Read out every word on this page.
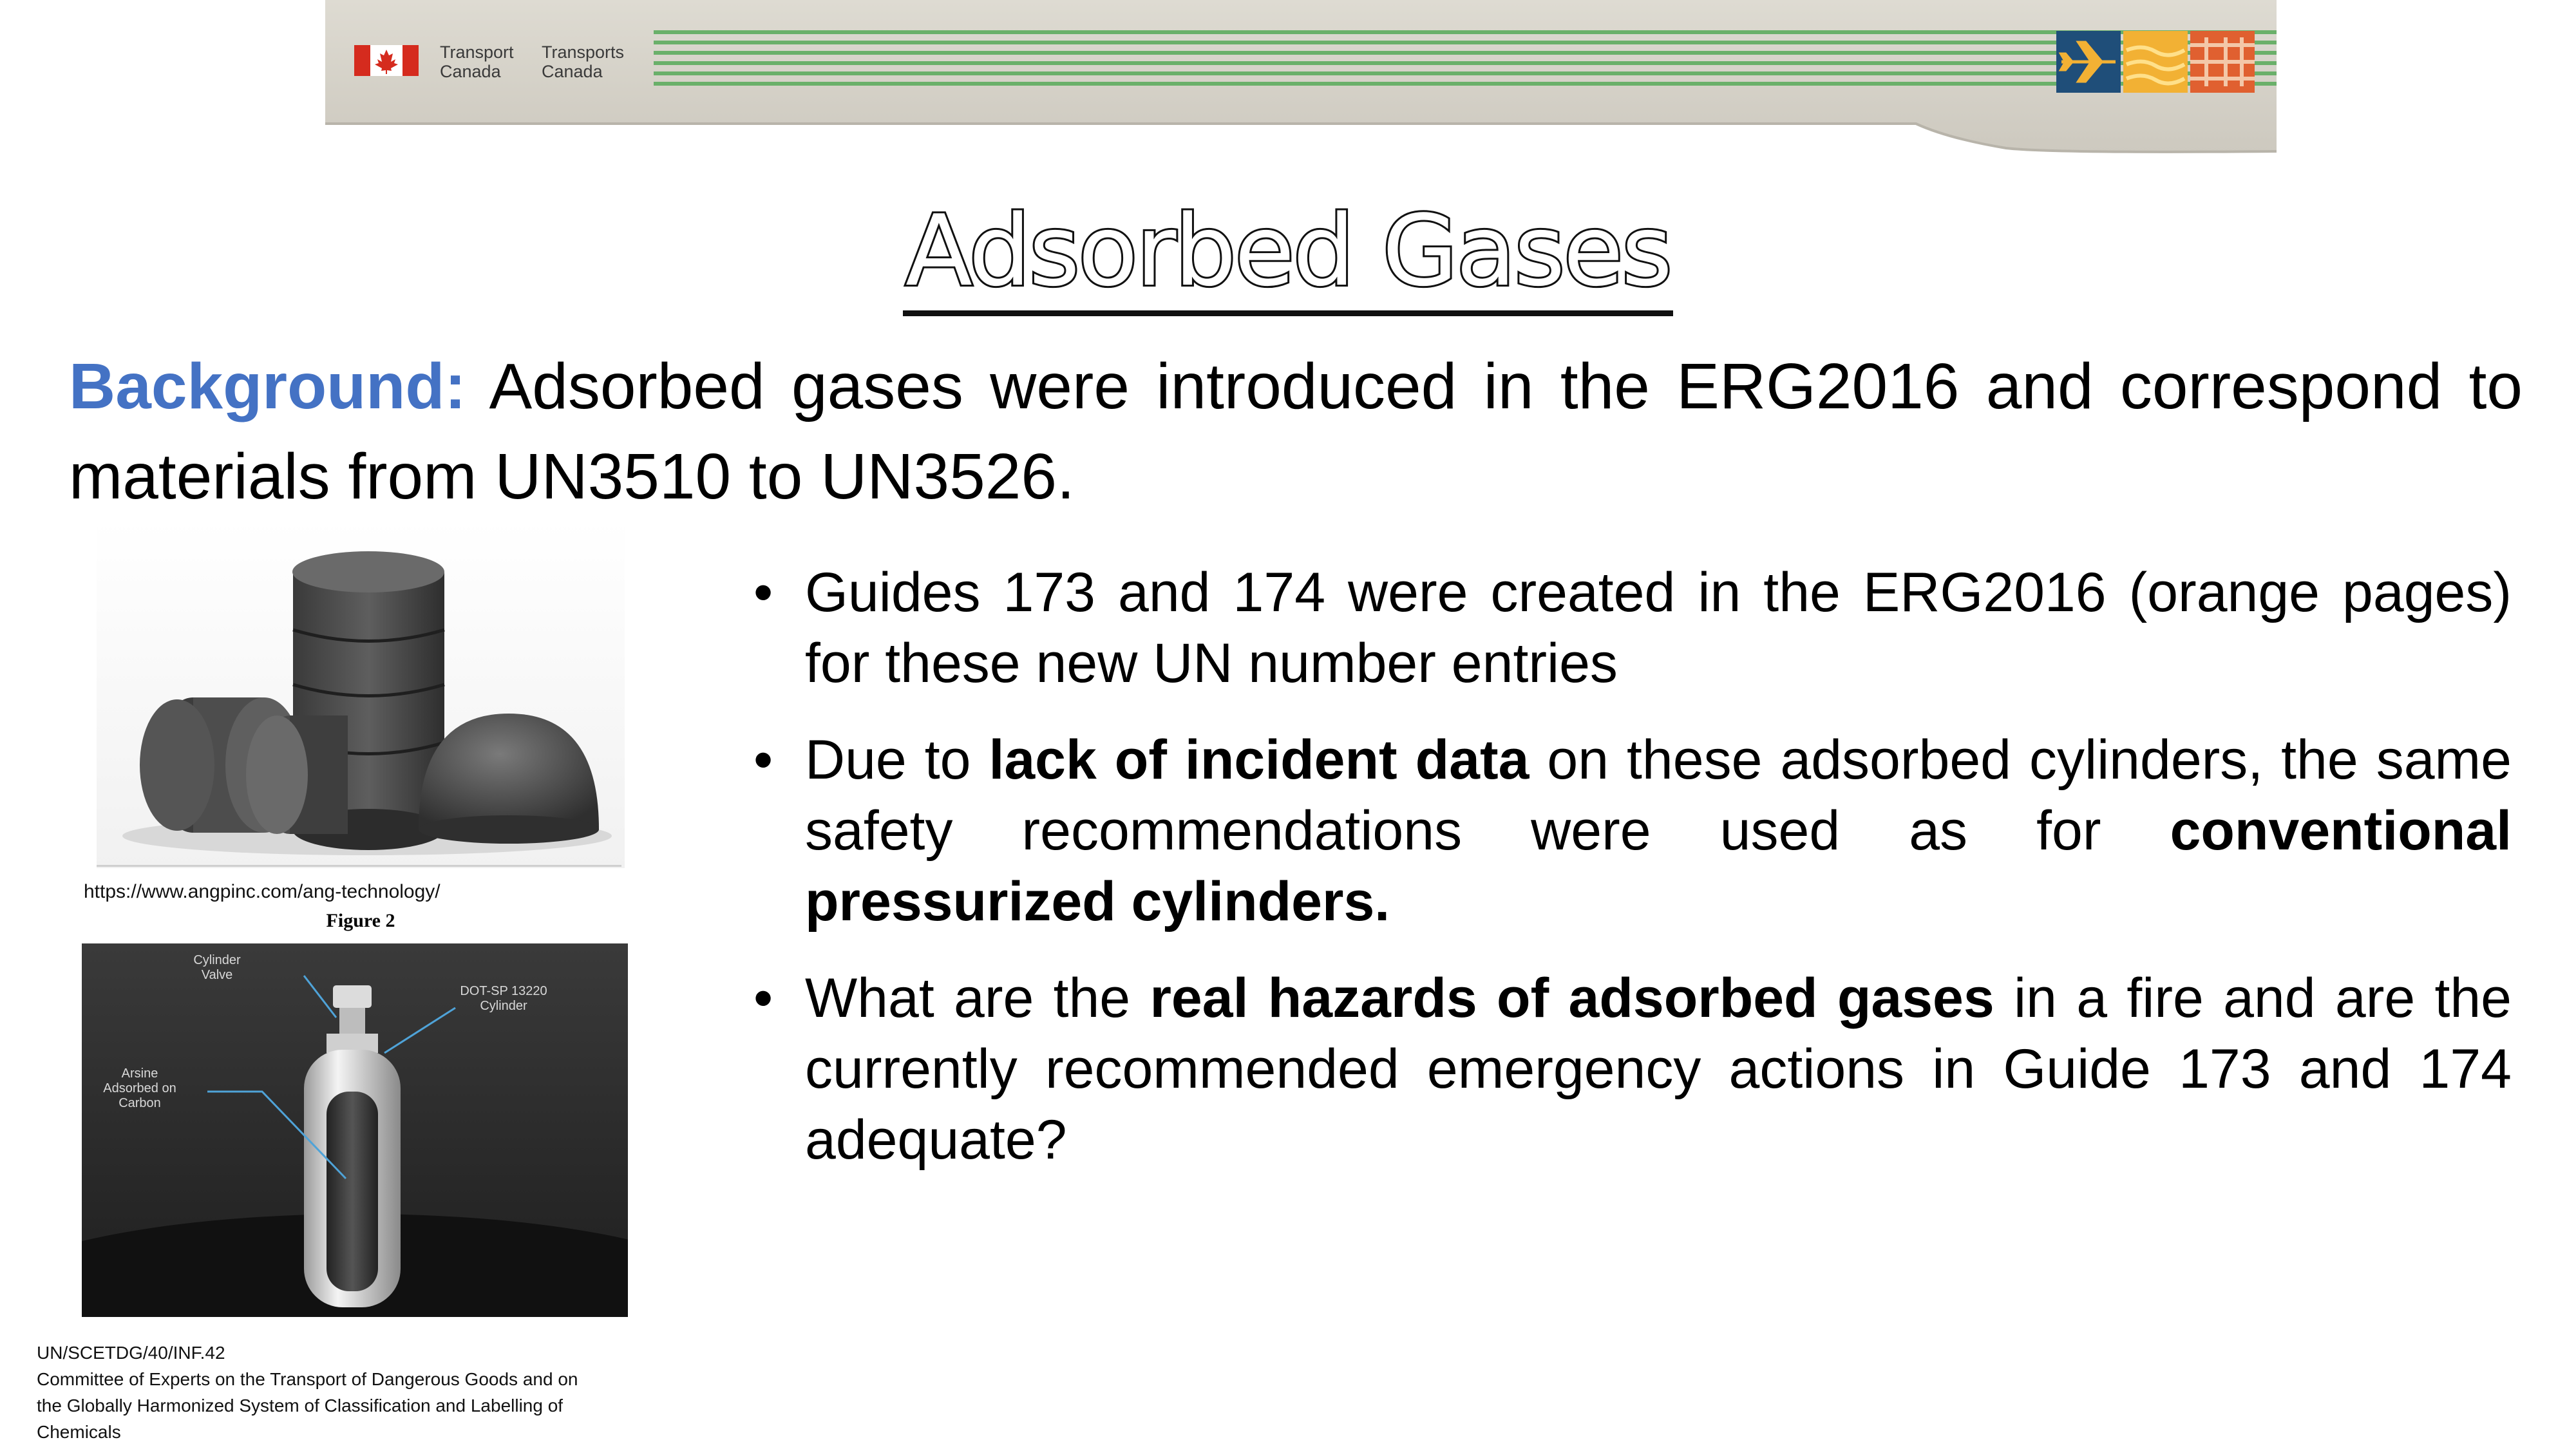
Transport
Canada
Transports
Canada
Adsorbed Gases
Background: Adsorbed gases were introduced in the ERG2016 and correspond to materials from UN3510 to UN3526.
https://www.angpinc.com/ang-technology/
Figure 2
Cylinder
Valve
DOT-SP 13220
Cylinder
Arsine
Adsorbed on
Carbon
• Guides 173 and 174 were created in the ERG2016 (orange pages) for these new UN number entries
• Due to lack of incident data on these adsorbed cylinders, the same safety recommendations were used as for conventional pressurized cylinders.
• What are the real hazards of adsorbed gases in a fire and are the currently recommended emergency actions in Guide 173 and 174 adequate?
UN/SCETDG/40/INF.42
Committee of Experts on the Transport of Dangerous Goods and on
the Globally Harmonized System of Classification and Labelling of
Chemicals
